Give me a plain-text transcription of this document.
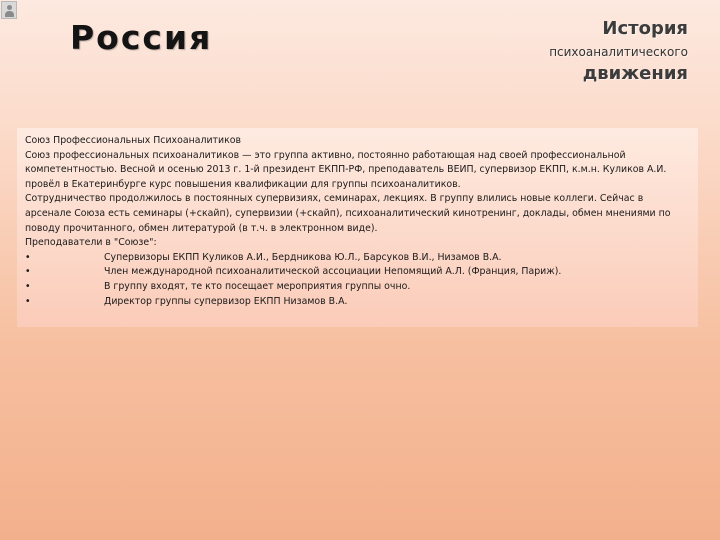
Россия	История
психоаналитического
движения

Союз Профессиональных Психоаналитиков

Союз профессиональных психоаналитиков — это группа активно, постоянно работающая над своей профессиональной компетентностью. Весной и осенью 2013 г. 1-й президент ЕКПП-РФ, преподаватель ВЕИП, супервизор ЕКПП, к.м.н. Куликов А.И. провёл в Екатеринбурге курс повышения квалификации для группы психоаналитиков.

Сотрудничество продолжилось в постоянных супервизиях, семинарах, лекциях. В группу влились новые коллеги. Сейчас в арсенале Союза есть семинары (+скайп), супервизии (+скайп), психоаналитический кинотренинг, доклады, обмен мнениями по поводу прочитанного, обмен литературой (в т.ч. в электронном виде).

Преподаватели в "Союзе":

•	Супервизоры ЕКПП Куликов А.И., Бердникова Ю.Л., Барсуков В.И., Низамов В.А.
•	Член международной психоаналитической ассоциации Непомящий А.Л. (Франция, Париж).
•	В группу входят, те кто посещает мероприятия группы очно.
•	Директор группы супервизор ЕКПП Низамов В.А.
